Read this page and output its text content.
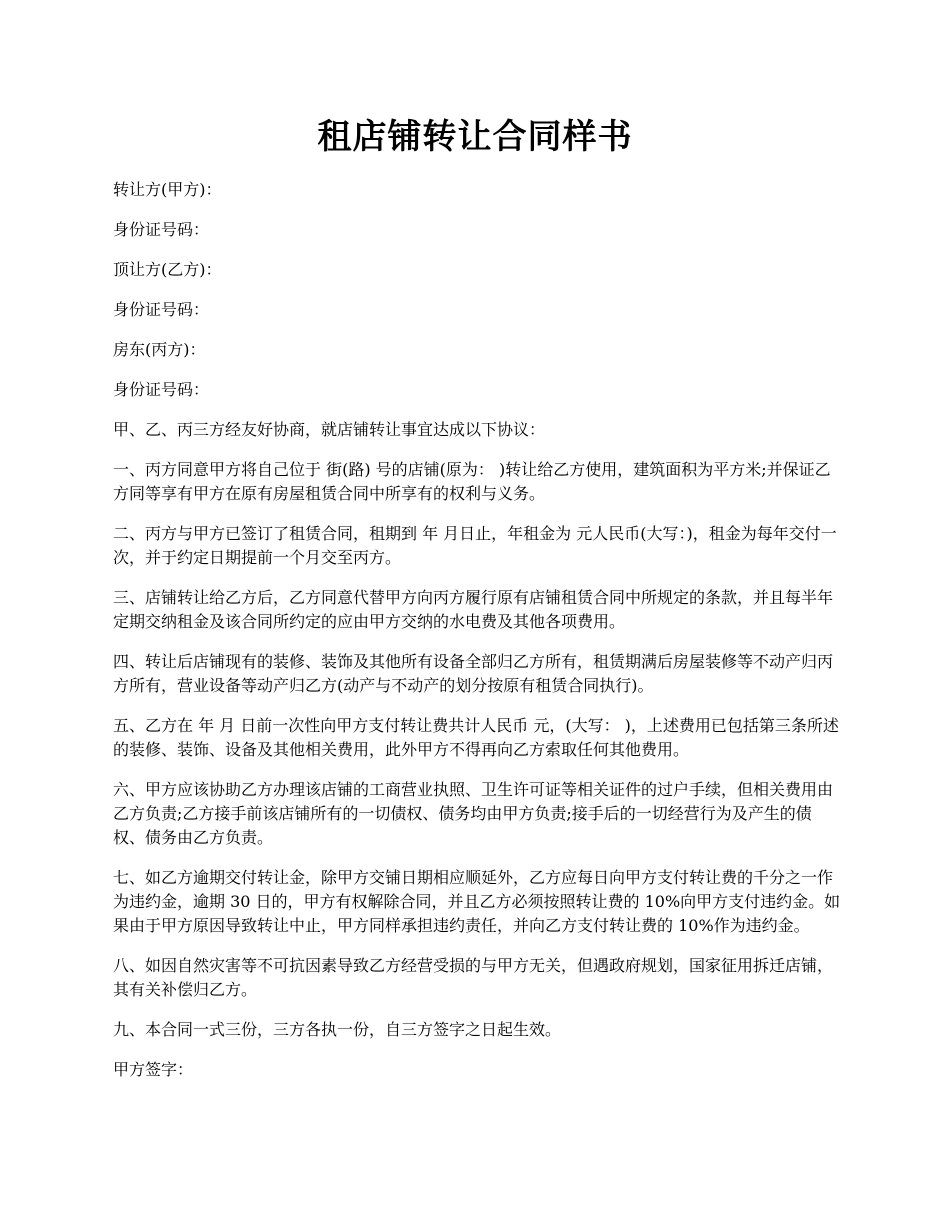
租店铺转让合同样书

转让方(甲方)：

身份证号码：

顶让方(乙方)：

身份证号码：

房东(丙方)：

身份证号码：

甲、乙、丙三方经友好协商，就店铺转让事宜达成以下协议：

一、丙方同意甲方将自己位于 街(路) 号的店铺(原为： )转让给乙方使用，建筑面积为平方米;并保证乙方同等享有甲方在原有房屋租赁合同中所享有的权利与义务。

二、丙方与甲方已签订了租赁合同，租期到 年 月日止，年租金为 元人民币(大写：)，租金为每年交付一次，并于约定日期提前一个月交至丙方。

三、店铺转让给乙方后，乙方同意代替甲方向丙方履行原有店铺租赁合同中所规定的条款，并且每半年定期交纳租金及该合同所约定的应由甲方交纳的水电费及其他各项费用。

四、转让后店铺现有的装修、装饰及其他所有设备全部归乙方所有，租赁期满后房屋装修等不动产归丙方所有，营业设备等动产归乙方(动产与不动产的划分按原有租赁合同执行)。

五、乙方在 年 月 日前一次性向甲方支付转让费共计人民币 元，(大写： )，上述费用已包括第三条所述的装修、装饰、设备及其他相关费用，此外甲方不得再向乙方索取任何其他费用。

六、甲方应该协助乙方办理该店铺的工商营业执照、卫生许可证等相关证件的过户手续，但相关费用由乙方负责;乙方接手前该店铺所有的一切债权、债务均由甲方负责;接手后的一切经营行为及产生的债权、债务由乙方负责。

七、如乙方逾期交付转让金，除甲方交铺日期相应顺延外，乙方应每日向甲方支付转让费的千分之一作为违约金，逾期 30 日的，甲方有权解除合同，并且乙方必须按照转让费的 10%向甲方支付违约金。如果由于甲方原因导致转让中止，甲方同样承担违约责任，并向乙方支付转让费的 10%作为违约金。

八、如因自然灾害等不可抗因素导致乙方经营受损的与甲方无关，但遇政府规划，国家征用拆迁店铺，其有关补偿归乙方。

九、本合同一式三份，三方各执一份，自三方签字之日起生效。

甲方签字：
